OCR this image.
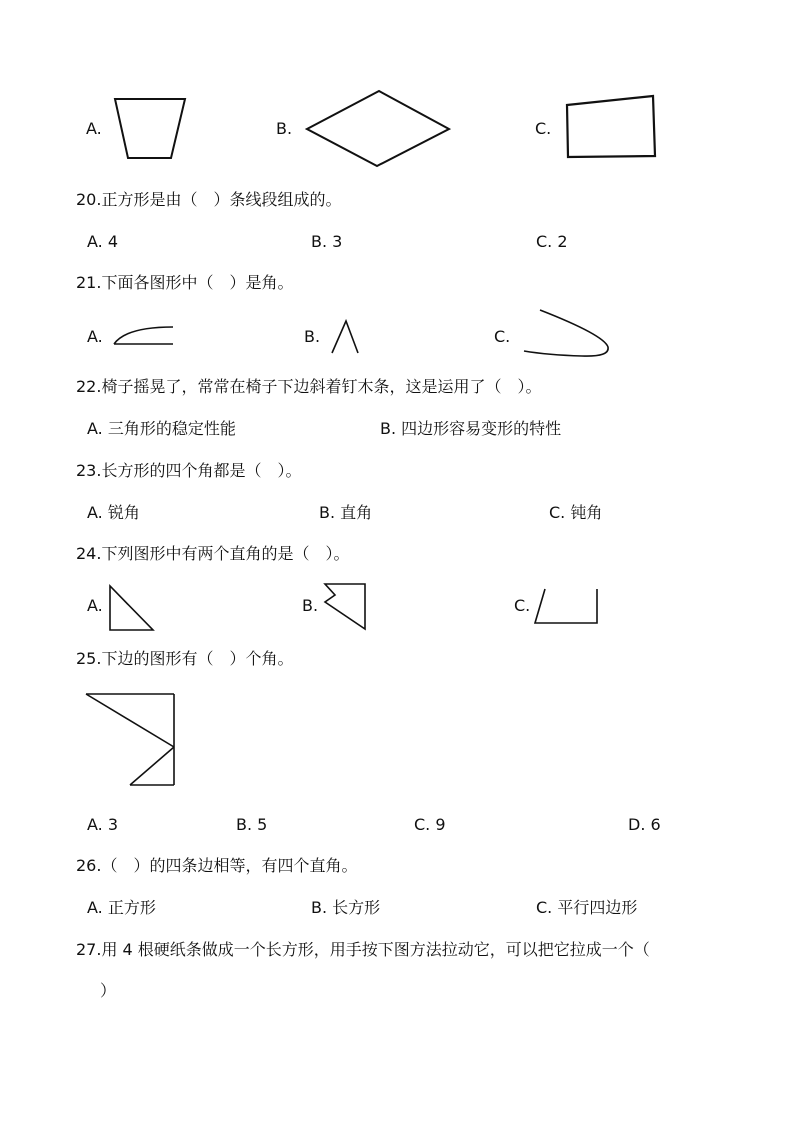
A.	B.	C.
20.正方形是由（　）条线段组成的。
A. 4	B. 3	C. 2
21.下面各图形中（　）是角。
A.	B.	C.
22.椅子摇晃了，常常在椅子下边斜着钉木条，这是运用了（　）。
A. 三角形的稳定性能	B. 四边形容易变形的特性
23.长方形的四个角都是（　）。
A. 锐角	B. 直角	C. 钝角
24.下列图形中有两个直角的是（　）。
A.	B.	C.
25.下边的图形有（　）个角。
A. 3	B. 5	C. 9	D. 6
26.（　）的四条边相等，有四个直角。
A. 正方形	B. 长方形	C. 平行四边形
27.用 4 根硬纸条做成一个长方形，用手按下图方法拉动它，可以把它拉成一个（
）
